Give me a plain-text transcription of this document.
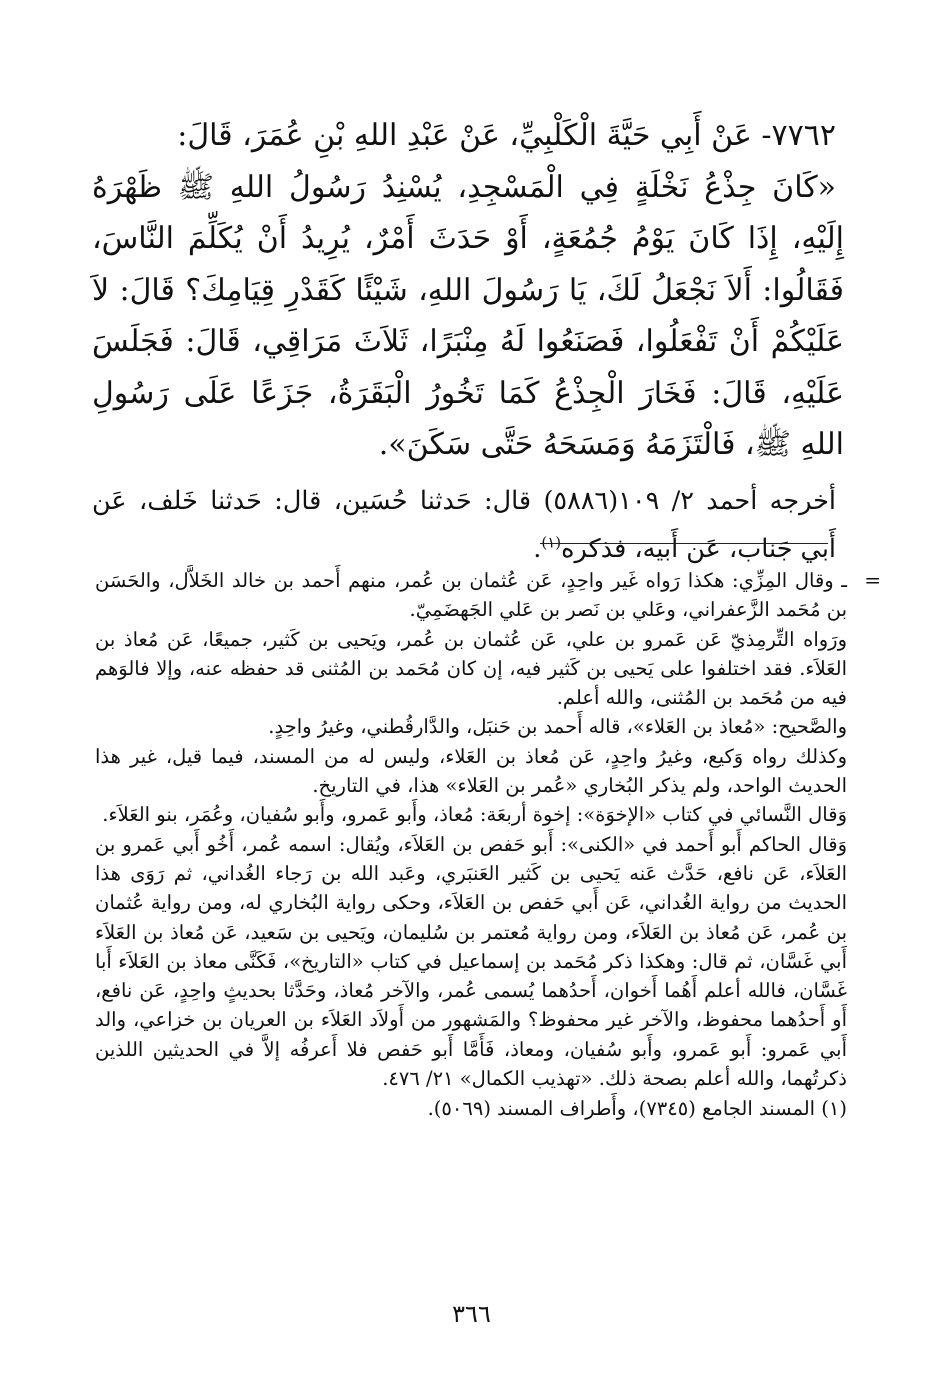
٧٧٦٢- عَنْ أَبِي حَيَّةَ الْكَلْبِيِّ، عَنْ عَبْدِ اللهِ بْنِ عُمَرَ، قَالَ:

«كَانَ جِذْعُ نَخْلَةٍ فِي الْمَسْجِدِ، يُسْنِدُ رَسُولُ اللهِ ﷺ ظَهْرَهُ إِلَيْهِ، إِذَا كَانَ يَوْمُ جُمُعَةٍ، أَوْ حَدَثَ أَمْرٌ، يُرِيدُ أَنْ يُكَلِّمَ النَّاسَ، فَقَالُوا: أَلاَ نَجْعَلُ لَكَ، يَا رَسُولَ اللهِ، شَيْئًا كَقَدْرِ قِيَامِكَ؟ قَالَ: لاَ عَلَيْكُمْ أَنْ تَفْعَلُوا، فَصَنَعُوا لَهُ مِنْبَرًا، ثَلاَثَ مَرَاقِي، قَالَ: فَجَلَسَ عَلَيْهِ، قَالَ: فَخَارَ الْجِذْعُ كَمَا تَخُورُ الْبَقَرَةُ، جَزَعًا عَلَى رَسُولِ اللهِ ﷺ، فَالْتَزَمَهُ وَمَسَحَهُ حَتَّى سَكَنَ».

أخرجه أحمد ٢/ ١٠٩(٥٨٨٦) قال: حَدثنا حُسَين، قال: حَدثنا خَلف، عَن أَبي جَناب، عَن أَبيه، فذكره$^{(١)}$.

=

ـ وقال المِزِّي: هكذا رَواه غَير واحِدٍ، عَن عُثمان بن عُمر، منهم أَحمد بن خالد الخَلاَّل، والحَسَن بن مُحَمد الزَّعفراني، وعَلي بن نَصر بن عَلي الجَهضَمِيّ.

ورَواه التِّرمِذيّ عَن عَمرو بن علي، عَن عُثمان بن عُمر، ويَحيى بن كَثير، جميعًا، عَن مُعاذ بن العَلاَء. فقد اختلفوا على يَحيى بن كَثير فيه، إن كان مُحَمد بن المُثنى قد حفظه عنه، وإلا فالوَهم فيه من مُحَمد بن المُثنى، والله أعلم.

والصَّحيح: «مُعاذ بن العَلاء»، قاله أَحمد بن حَنبَل، والدَّارقُطني، وغيرُ واحِدٍ.

وكذلك رواه وَكيع، وغيرُ واحِدٍ، عَن مُعاذ بن العَلاء، وليس له من المسند، فيما قيل، غير هذا الحديث الواحد، ولم يذكر البُخاري «عُمر بن العَلاء» هذا، في التاريخ.

وَقال النَّسائي في كتاب «الإخوَة»: إخوة أربعَة: مُعاذ، وأَبو عَمرو، وأَبو سُفيان، وعُمَر، بنو العَلاَء.

وَقال الحاكم أَبو أَحمد في «الكنى»: أَبو حَفص بن العَلاَء، ويُقال: اسمه عُمر، أَخُو أَبي عَمرو بن العَلاَء، عَن نافع، حَدَّث عَنه يَحيى بن كَثير العَنبَري، وعَبد الله بن رَجاء الغُداني، ثم رَوَى هذا الحديث من رواية الغُداني، عَن أَبي حَفص بن العَلاَء، وحكى رواية البُخاري له، ومن رواية عُثمان بن عُمر، عَن مُعاذ بن العَلاَء، ومن رواية مُعتمر بن سُليمان، ويَحيى بن سَعيد، عَن مُعاذ بن العَلاَء أَبي غَسَّان، ثم قال: وهكذا ذكر مُحَمد بن إسماعيل في كتاب «التاريخ»، فَكَنَّى معاذ بن العَلاَء أَبا غَسَّان، فالله أعلم أَهُما أَخوان، أَحدُهما يُسمى عُمر، والآخر مُعاذ، وحَدَّثا بحديثٍ واحِدٍ، عَن نافع، أَو أَحدُهما محفوظ، والآخر غير محفوظ؟ والمَشهور من أَولاَد العَلاَء بن العريان بن خزاعي، والد أَبي عَمرو: أَبو عَمرو، وأَبو سُفيان، ومعاذ، فَأَمَّا أَبو حَفص فلا أَعرفُه إلاَّ في الحديثين اللذين ذكرتُهما، والله أعلم بصحة ذلك. «تهذيب الكمال» ٢١/ ٤٧٦.

(١) المسند الجامع (٧٣٤٥)، وأَطراف المسند (٥٠٦٩).

٣٦٦
